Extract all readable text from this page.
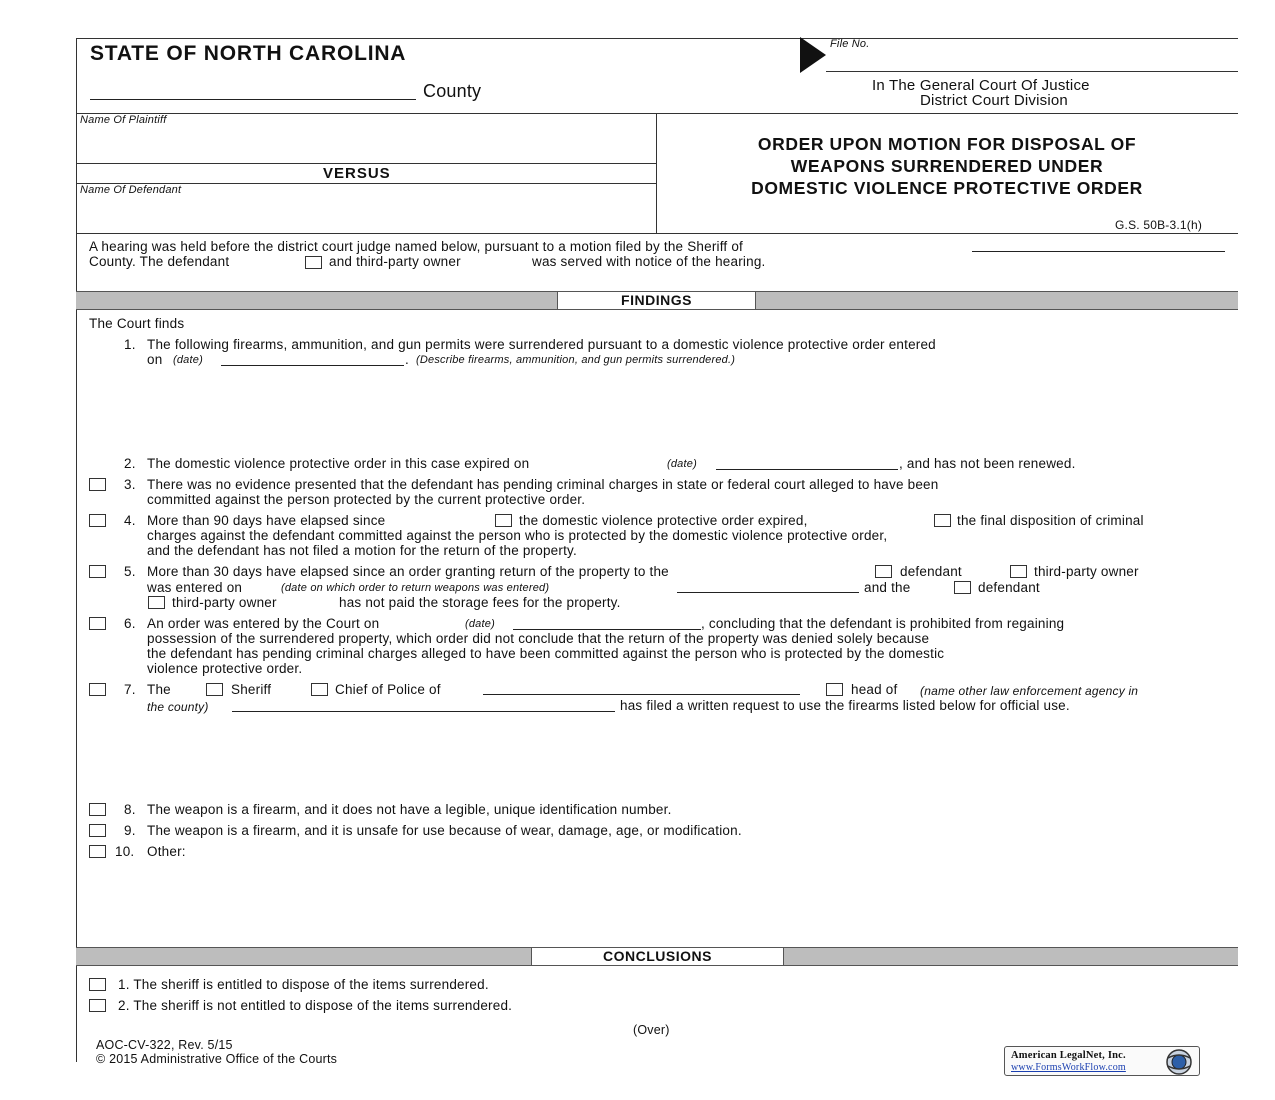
STATE OF NORTH CAROLINA
County
File No.
In The General Court Of Justice
District Court Division
Name Of Plaintiff
VERSUS
Name Of Defendant
ORDER UPON MOTION FOR DISPOSAL OF
WEAPONS SURRENDERED UNDER
DOMESTIC VIOLENCE PROTECTIVE ORDER
G.S. 50B-3.1(h)
A hearing was held before the district court judge named below, pursuant to a motion filed by the Sheriff of
County. The defendant	and third-party owner	was served with notice of the hearing.
FINDINGS
The Court finds
1. The following firearms, ammunition, and gun permits were surrendered pursuant to a domestic violence protective order entered
on (date)	. (Describe firearms, ammunition, and gun permits surrendered.)
2. The domestic violence protective order in this case expired on	(date)	, and has not been renewed.
3. There was no evidence presented that the defendant has pending criminal charges in state or federal court alleged to have been
committed against the person protected by the current protective order.
4. More than 90 days have elapsed since	the domestic violence protective order expired,	the final disposition of criminal
charges against the defendant committed against the person who is protected by the domestic violence protective order,
and the defendant has not filed a motion for the return of the property.
5. More than 30 days have elapsed since an order granting return of the property to the	defendant	third-party owner
was entered on	(date on which order to return weapons was entered)	and the	defendant
third-party owner	has not paid the storage fees for the property.
6. An order was entered by the Court on	(date)	, concluding that the defendant is prohibited from regaining
possession of the surrendered property, which order did not conclude that the return of the property was denied solely because
the defendant has pending criminal charges alleged to have been committed against the person who is protected by the domestic
violence protective order.
7. The	Sheriff	Chief of Police of	head of (name other law enforcement agency in
the county)	has filed a written request to use the firearms listed below for official use.
8. The weapon is a firearm, and it does not have a legible, unique identification number.
9. The weapon is a firearm, and it is unsafe for use because of wear, damage, age, or modification.
10. Other:
CONCLUSIONS
1. The sheriff is entitled to dispose of the items surrendered.
2. The sheriff is not entitled to dispose of the items surrendered.
(Over)
AOC-CV-322, Rev. 5/15
© 2015 Administrative Office of the Courts	American LegalNet, Inc.
www.FormsWorkFlow.com
